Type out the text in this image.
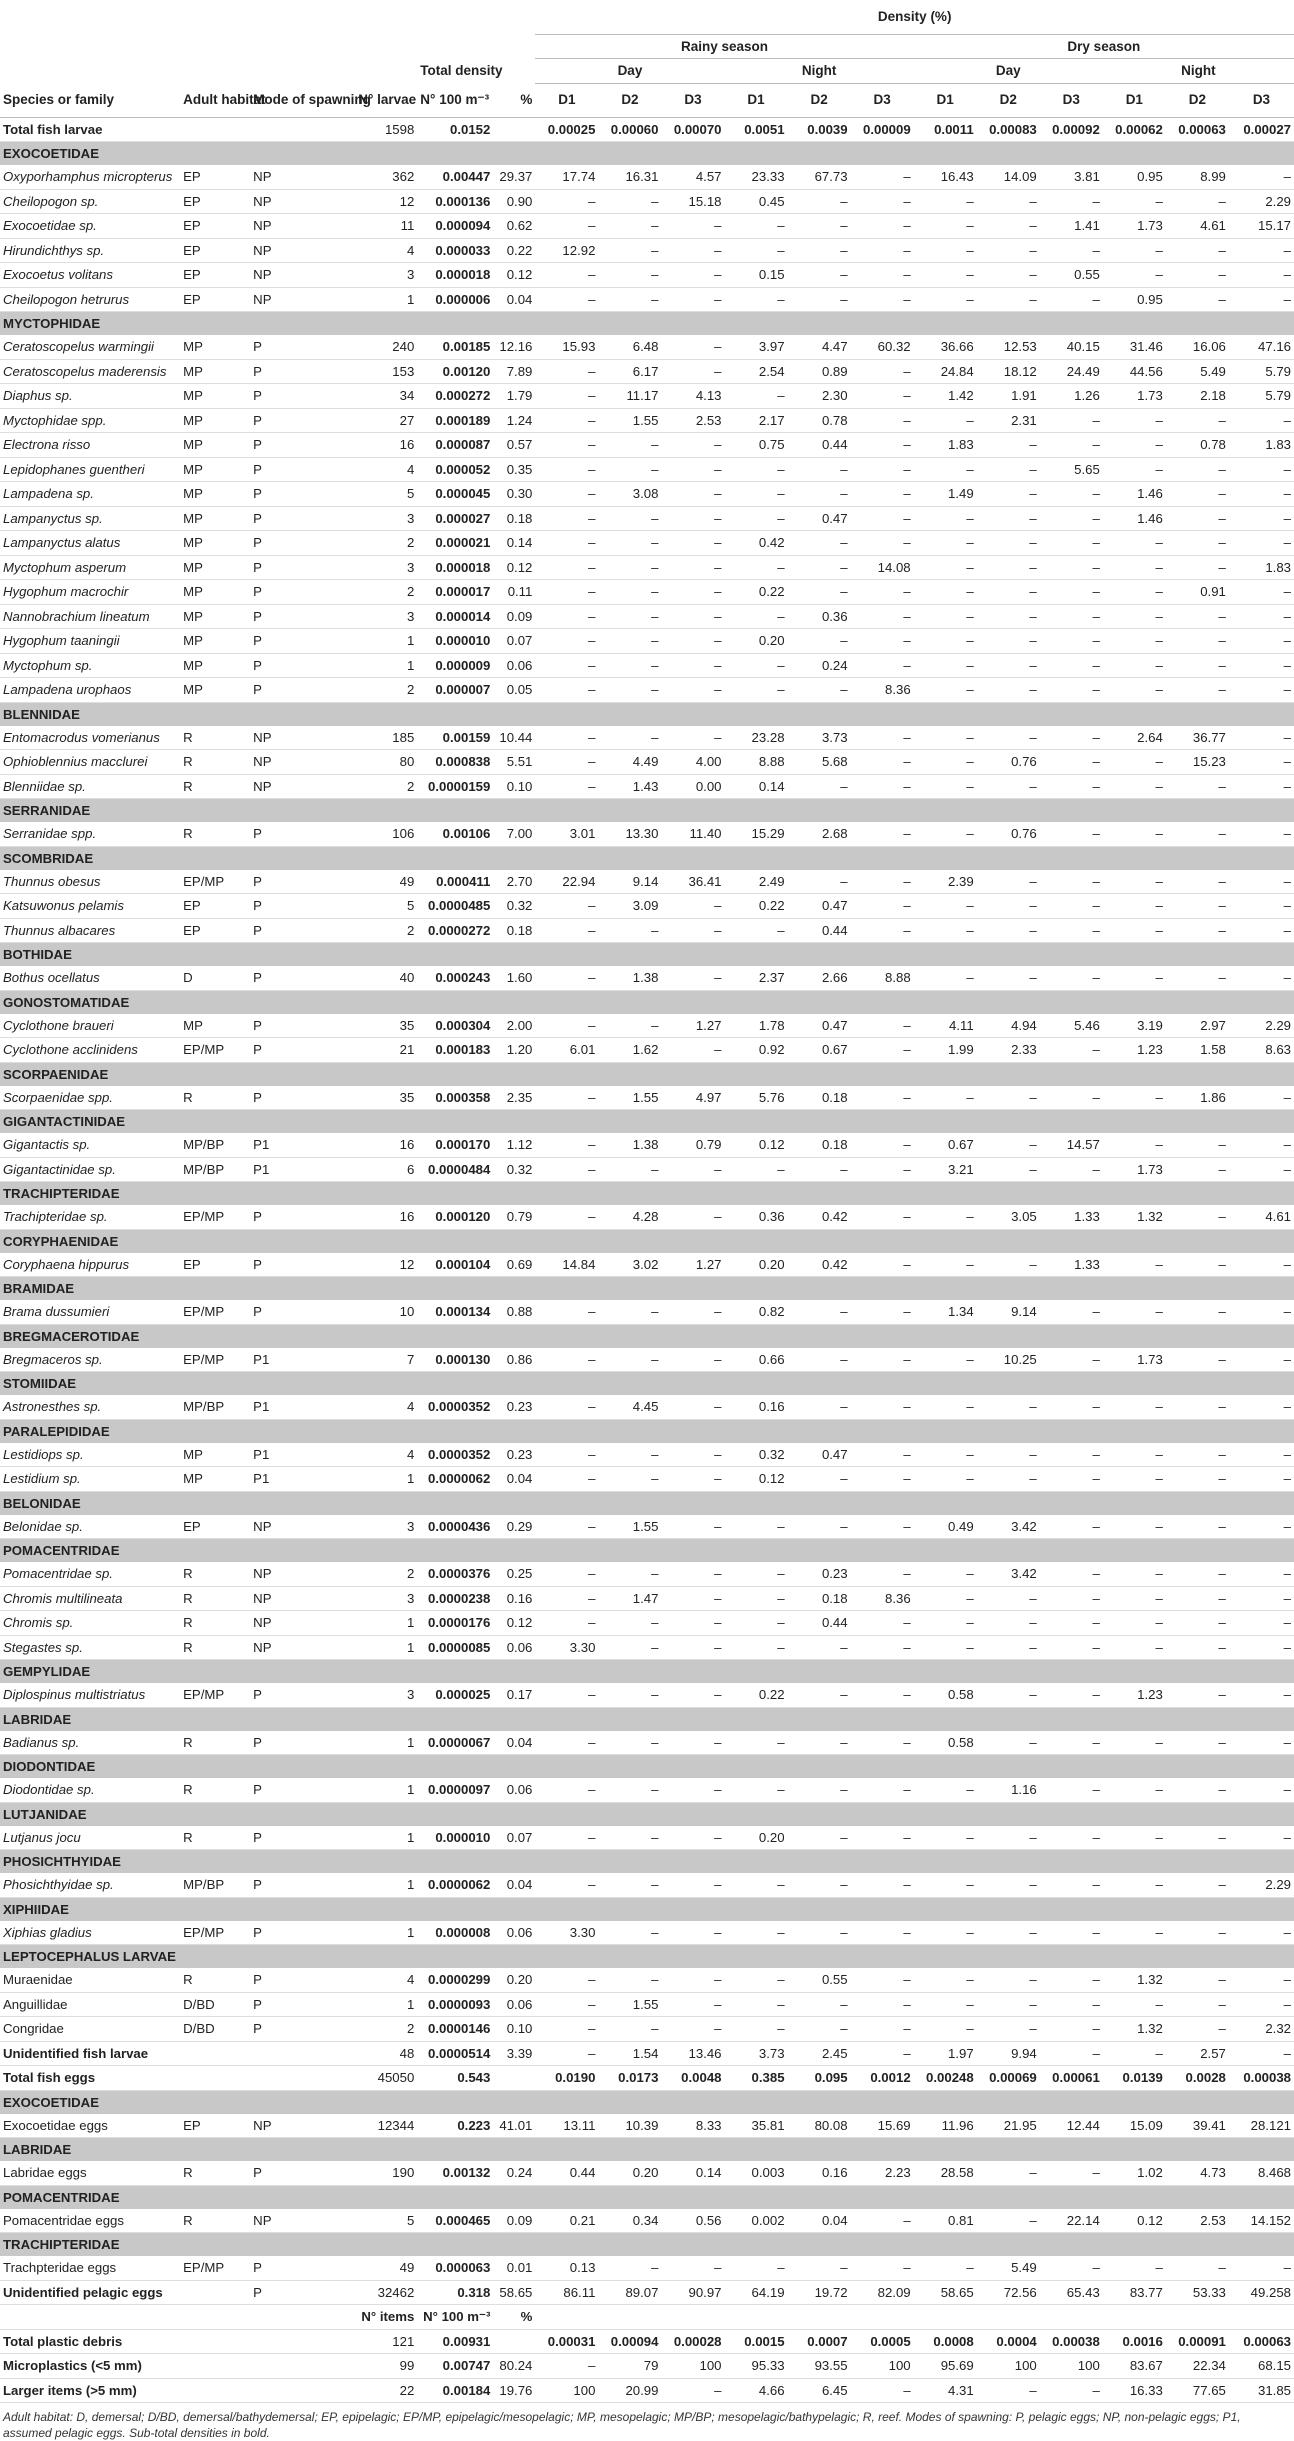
						Density (%)											
						Rainy season						Dry season					
				Total density		Day			Night			Day			Night		
Species or family	Adult habitat	Mode of spawning	N° larvae	N° 100 m⁻³	%	D1	D2	D3	D1	D2	D3	D1	D2	D3	D1	D2	D3
Total fish larvae			1598	0.0152		0.00025	0.00060	0.00070	0.0051	0.0039	0.00009	0.0011	0.00083	0.00092	0.00062	0.00063	0.00027
EXOCOETIDAE																	
Oxyporhamphus micropterus	EP	NP	362	0.00447	29.37	17.74	16.31	4.57	23.33	67.73	–	16.43	14.09	3.81	0.95	8.99	–
Cheilopogon sp.	EP	NP	12	0.000136	0.90	–	–	15.18	0.45	–	–	–	–	–	–	–	2.29
Exocoetidae sp.	EP	NP	11	0.000094	0.62	–	–	–	–	–	–	–	–	1.41	1.73	4.61	15.17
Hirundichthys sp.	EP	NP	4	0.000033	0.22	12.92	–	–	–	–	–	–	–	–	–	–	–
Exocoetus volitans	EP	NP	3	0.000018	0.12	–	–	–	0.15	–	–	–	–	0.55	–	–	–
Cheilopogon hetrurus	EP	NP	1	0.000006	0.04	–	–	–	–	–	–	–	–	–	0.95	–	–
MYCTOPHIDAE																	
Ceratoscopelus warmingii	MP	P	240	0.00185	12.16	15.93	6.48	–	3.97	4.47	60.32	36.66	12.53	40.15	31.46	16.06	47.16
Ceratoscopelus maderensis	MP	P	153	0.00120	7.89	–	6.17	–	2.54	0.89	–	24.84	18.12	24.49	44.56	5.49	5.79
Diaphus sp.	MP	P	34	0.000272	1.79	–	11.17	4.13	–	2.30	–	1.42	1.91	1.26	1.73	2.18	5.79
Myctophidae spp.	MP	P	27	0.000189	1.24	–	1.55	2.53	2.17	0.78	–	–	2.31	–	–	–	–
Electrona risso	MP	P	16	0.000087	0.57	–	–	–	0.75	0.44	–	1.83	–	–	–	0.78	1.83
Lepidophanes guentheri	MP	P	4	0.000052	0.35	–	–	–	–	–	–	–	–	5.65	–	–	–
Lampadena sp.	MP	P	5	0.000045	0.30	–	3.08	–	–	–	–	1.49	–	–	1.46	–	–
Lampanyctus sp.	MP	P	3	0.000027	0.18	–	–	–	–	0.47	–	–	–	–	1.46	–	–
Lampanyctus alatus	MP	P	2	0.000021	0.14	–	–	–	0.42	–	–	–	–	–	–	–	–
Myctophum asperum	MP	P	3	0.000018	0.12	–	–	–	–	–	14.08	–	–	–	–	–	1.83
Hygophum macrochir	MP	P	2	0.000017	0.11	–	–	–	0.22	–	–	–	–	–	–	0.91	–
Nannobrachium lineatum	MP	P	3	0.000014	0.09	–	–	–	–	0.36	–	–	–	–	–	–	–
Hygophum taaningii	MP	P	1	0.000010	0.07	–	–	–	0.20	–	–	–	–	–	–	–	–
Myctophum sp.	MP	P	1	0.000009	0.06	–	–	–	–	0.24	–	–	–	–	–	–	–
Lampadena urophaos	MP	P	2	0.000007	0.05	–	–	–	–	–	8.36	–	–	–	–	–	–
BLENNIDAE																	
Entomacrodus vomerianus	R	NP	185	0.00159	10.44	–	–	–	23.28	3.73	–	–	–	–	2.64	36.77	–
Ophioblennius macclurei	R	NP	80	0.000838	5.51	–	4.49	4.00	8.88	5.68	–	–	0.76	–	–	15.23	–
Blenniidae sp.	R	NP	2	0.0000159	0.10	–	1.43	0.00	0.14	–	–	–	–	–	–	–	–
SERRANIDAE																	
Serranidae spp.	R	P	106	0.00106	7.00	3.01	13.30	11.40	15.29	2.68	–	–	0.76	–	–	–	–
SCOMBRIDAE																	
Thunnus obesus	EP/MP	P	49	0.000411	2.70	22.94	9.14	36.41	2.49	–	–	2.39	–	–	–	–	–
Katsuwonus pelamis	EP	P	5	0.0000485	0.32	–	3.09	–	0.22	0.47	–	–	–	–	–	–	–
Thunnus albacares	EP	P	2	0.0000272	0.18	–	–	–	–	0.44	–	–	–	–	–	–	–
BOTHIDAE																	
Bothus ocellatus	D	P	40	0.000243	1.60	–	1.38	–	2.37	2.66	8.88	–	–	–	–	–	–
GONOSTOMATIDAE																	
Cyclothone braueri	MP	P	35	0.000304	2.00	–	–	1.27	1.78	0.47	–	4.11	4.94	5.46	3.19	2.97	2.29
Cyclothone acclinidens	EP/MP	P	21	0.000183	1.20	6.01	1.62	–	0.92	0.67	–	1.99	2.33	–	1.23	1.58	8.63
SCORPAENIDAE																	
Scorpaenidae spp.	R	P	35	0.000358	2.35	–	1.55	4.97	5.76	0.18	–	–	–	–	–	1.86	–
GIGANTACTINIDAE																	
Gigantactis sp.	MP/BP	P1	16	0.000170	1.12	–	1.38	0.79	0.12	0.18	–	0.67	–	14.57	–	–	–
Gigantactinidae sp.	MP/BP	P1	6	0.0000484	0.32	–	–	–	–	–	–	3.21	–	–	1.73	–	–
TRACHIPTERIDAE																	
Trachipteridae sp.	EP/MP	P	16	0.000120	0.79	–	4.28	–	0.36	0.42	–	–	3.05	1.33	1.32	–	4.61
CORYPHAENIDAE																	
Coryphaena hippurus	EP	P	12	0.000104	0.69	14.84	3.02	1.27	0.20	0.42	–	–	–	1.33	–	–	–
BRAMIDAE																	
Brama dussumieri	EP/MP	P	10	0.000134	0.88	–	–	–	0.82	–	–	1.34	9.14	–	–	–	–
BREGMACEROTIDAE																	
Bregmaceros sp.	EP/MP	P1	7	0.000130	0.86	–	–	–	0.66	–	–	–	10.25	–	1.73	–	–
STOMIIDAE																	
Astronesthes sp.	MP/BP	P1	4	0.0000352	0.23	–	4.45	–	0.16	–	–	–	–	–	–	–	–
PARALEPIDIDAE																	
Lestidiops sp.	MP	P1	4	0.0000352	0.23	–	–	–	0.32	0.47	–	–	–	–	–	–	–
Lestidium sp.	MP	P1	1	0.0000062	0.04	–	–	–	0.12	–	–	–	–	–	–	–	–
BELONIDAE																	
Belonidae sp.	EP	NP	3	0.0000436	0.29	–	1.55	–	–	–	–	0.49	3.42	–	–	–	–
POMACENTRIDAE																	
Pomacentridae sp.	R	NP	2	0.0000376	0.25	–	–	–	–	0.23	–	–	3.42	–	–	–	–
Chromis multilineata	R	NP	3	0.0000238	0.16	–	1.47	–	–	0.18	8.36	–	–	–	–	–	–
Chromis sp.	R	NP	1	0.0000176	0.12	–	–	–	–	0.44	–	–	–	–	–	–	–
Stegastes sp.	R	NP	1	0.0000085	0.06	3.30	–	–	–	–	–	–	–	–	–	–	–
GEMPYLIDAE																	
Diplospinus multistriatus	EP/MP	P	3	0.000025	0.17	–	–	–	0.22	–	–	0.58	–	–	1.23	–	–
LABRIDAE																	
Badianus sp.	R	P	1	0.0000067	0.04	–	–	–	–	–	–	0.58	–	–	–	–	–
DIODONTIDAE																	
Diodontidae sp.	R	P	1	0.0000097	0.06	–	–	–	–	–	–	–	1.16	–	–	–	–
LUTJANIDAE																	
Lutjanus jocu	R	P	1	0.000010	0.07	–	–	–	0.20	–	–	–	–	–	–	–	–
PHOSICHTHYIDAE																	
Phosichthyidae sp.	MP/BP	P	1	0.0000062	0.04	–	–	–	–	–	–	–	–	–	–	–	2.29
XIPHIIDAE																	
Xiphias gladius	EP/MP	P	1	0.000008	0.06	3.30	–	–	–	–	–	–	–	–	–	–	–
LEPTOCEPHALUS LARVAE																	
Muraenidae	R	P	4	0.0000299	0.20	–	–	–	–	0.55	–	–	–	–	1.32	–	–
Anguillidae	D/BD	P	1	0.0000093	0.06	–	1.55	–	–	–	–	–	–	–	–	–	–
Congridae	D/BD	P	2	0.0000146	0.10	–	–	–	–	–	–	–	–	–	1.32	–	2.32
Unidentified fish larvae			48	0.0000514	3.39	–	1.54	13.46	3.73	2.45	–	1.97	9.94	–	–	2.57	–
Total fish eggs			45050	0.543		0.0190	0.0173	0.0048	0.385	0.095	0.0012	0.00248	0.00069	0.00061	0.0139	0.0028	0.00038
EXOCOETIDAE																	
Exocoetidae eggs	EP	NP	12344	0.223	41.01	13.11	10.39	8.33	35.81	80.08	15.69	11.96	21.95	12.44	15.09	39.41	28.121
LABRIDAE																	
Labridae eggs	R	P	190	0.00132	0.24	0.44	0.20	0.14	0.003	0.16	2.23	28.58	–	–	1.02	4.73	8.468
POMACENTRIDAE																	
Pomacentridae eggs	R	NP	5	0.000465	0.09	0.21	0.34	0.56	0.002	0.04	–	0.81	–	22.14	0.12	2.53	14.152
TRACHIPTERIDAE																	
Trachpteridae eggs	EP/MP	P	49	0.000063	0.01	0.13	–	–	–	–	–	–	5.49	–	–	–	–
Unidentified pelagic eggs		P	32462	0.318	58.65	86.11	89.07	90.97	64.19	19.72	82.09	58.65	72.56	65.43	83.77	53.33	49.258
			N° items	N° 100 m⁻³	%												
Total plastic debris			121	0.00931		0.00031	0.00094	0.00028	0.0015	0.0007	0.0005	0.0008	0.0004	0.00038	0.0016	0.00091	0.00063
Microplastics (<5 mm)			99	0.00747	80.24	–	79	100	95.33	93.55	100	95.69	100	100	83.67	22.34	68.15
Larger items (>5 mm)			22	0.00184	19.76	100	20.99	–	4.66	6.45	–	4.31	–	–	16.33	77.65	31.85
Adult habitat: D, demersal; D/BD, demersal/bathydemersal; EP, epipelagic; EP/MP, epipelagic/mesopelagic; MP, mesopelagic; MP/BP; mesopelagic/bathypelagic; R, reef. Modes of spawning: P, pelagic eggs; NP, non-pelagic eggs; P1, assumed pelagic eggs. Sub-total densities in bold.
